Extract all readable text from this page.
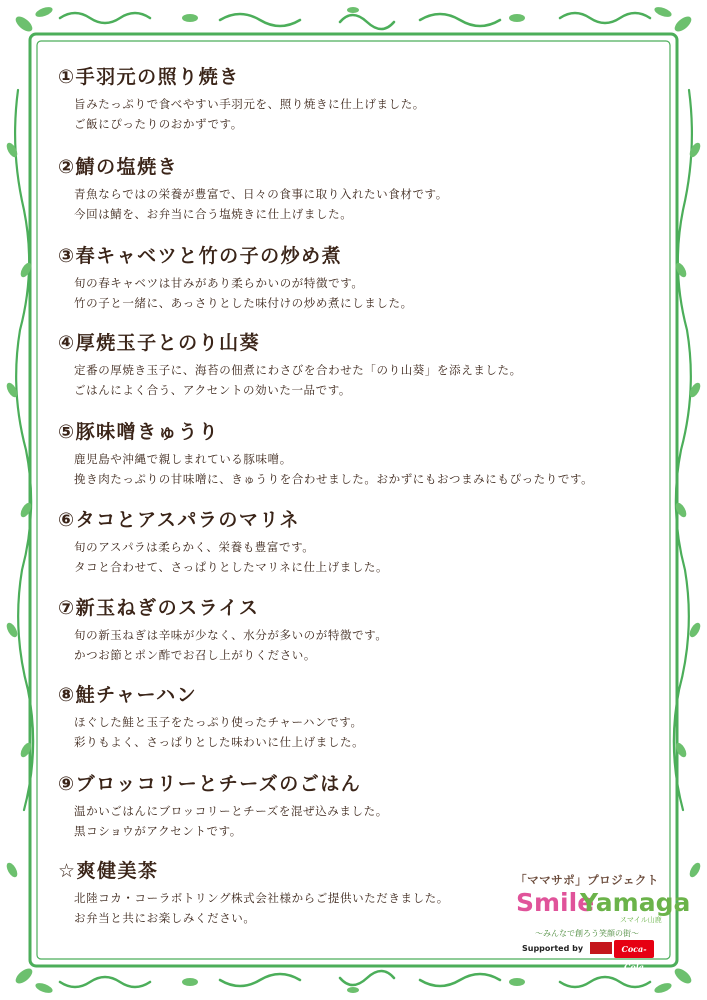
①手羽元の照り焼き
旨みたっぷりで食べやすい手羽元を、照り焼きに仕上げました。
ご飯にぴったりのおかずです。
②鯖の塩焼き
青魚ならではの栄養が豊富で、日々の食事に取り入れたい食材です。
今回は鯖を、お弁当に合う塩焼きに仕上げました。
③春キャベツと竹の子の炒め煮
旬の春キャベツは甘みがあり柔らかいのが特徴です。
竹の子と一緒に、あっさりとした味付けの炒め煮にしました。
④厚焼玉子とのり山葵
定番の厚焼き玉子に、海苔の佃煮にわさびを合わせた「のり山葵」を添えました。
ごはんによく合う、アクセントの効いた一品です。
⑤豚味噌きゅうり
鹿児島や沖縄で親しまれている豚味噌。
挽き肉たっぷりの甘味噌に、きゅうりを合わせました。おかずにもおつまみにもぴったりです。
⑥タコとアスパラのマリネ
旬のアスパラは柔らかく、栄養も豊富です。
タコと合わせて、さっぱりとしたマリネに仕上げました。
⑦新玉ねぎのスライス
旬の新玉ねぎは辛味が少なく、水分が多いのが特徴です。
かつお節とポン酢でお召し上がりください。
⑧鮭チャーハン
ほぐした鮭と玉子をたっぷり使ったチャーハンです。
彩りもよく、さっぱりとした味わいに仕上げました。
⑨ブロッコリーとチーズのごはん
温かいごはんにブロッコリーとチーズを混ぜ込みました。
黒コショウがアクセントです。
☆爽健美茶
北陸コカ・コーラボトリング株式会社様からご提供いただきました。
お弁当と共にお楽しみください。
「ママサポ」プロジェクト
Smile
Yamaga
スマイル山鹿
～みんなで創ろう笑顔の街～
Supported by	Coca-Cola
